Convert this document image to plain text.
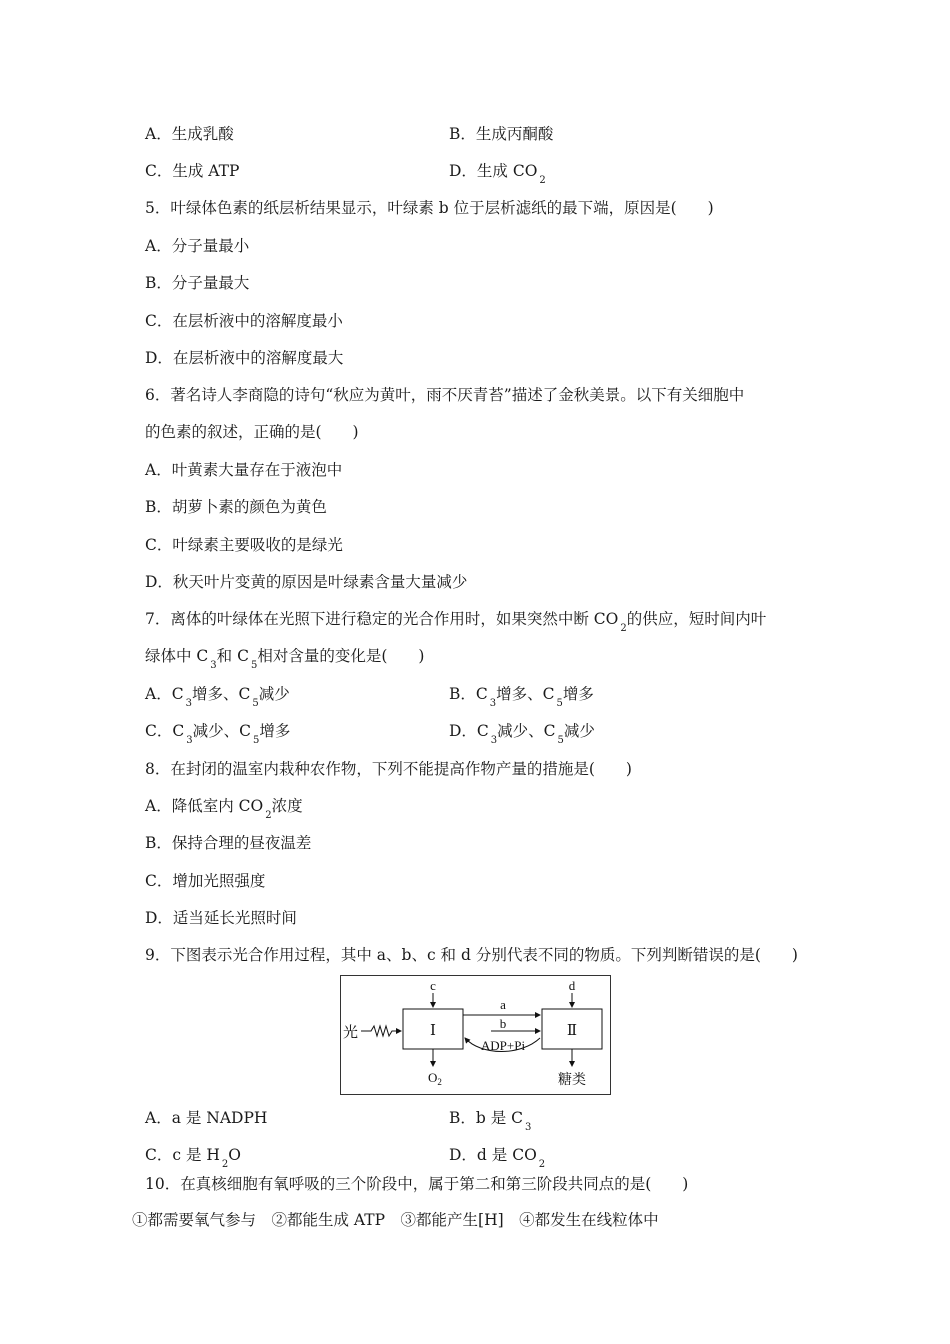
A．生成乳酸	B．生成丙酮酸
C．生成 ATP	D．生成 $CO_2$
5．叶绿体色素的纸层析结果显示，叶绿素 b 位于层析滤纸的最下端，原因是(　　)
A．分子量最小
B．分子量最大
C．在层析液中的溶解度最小
D．在层析液中的溶解度最大
6．著名诗人李商隐的诗句“秋应为黄叶，雨不厌青苔”描述了金秋美景。以下有关细胞中
的色素的叙述，正确的是(　　)
A．叶黄素大量存在于液泡中
B．胡萝卜素的颜色为黄色
C．叶绿素主要吸收的是绿光
D．秋天叶片变黄的原因是叶绿素含量大量减少
7．离体的叶绿体在光照下进行稳定的光合作用时，如果突然中断 $CO_2$的供应，短时间内叶
绿体中 $C_3$和 $C_5$相对含量的变化是(　　)
A．$C_3$增多、$C_5$减少	B．$C_3$增多、$C_5$增多
C．$C_3$减少、$C_5$增多	D．$C_3$减少、$C_5$减少
8．在封闭的温室内栽种农作物，下列不能提高作物产量的措施是(　　)
A．降低室内 $CO_2$浓度
B．保持合理的昼夜温差
C．增加光照强度
D．适当延长光照时间
9．下图表示光合作用过程，其中 a、b、c 和 d 分别代表不同的物质。下列判断错误的是(　　)
光	Ⅰ
c
$O_2$
Ⅱ
d
糖类
a
b
ADP+Pi
A．a 是 NADPH	B．b 是 $C_3$
C．c 是 $H_2O$	D．d 是 $CO_2$
10．在真核细胞有氧呼吸的三个阶段中，属于第二和第三阶段共同点的是(　　)
①都需要氧气参与　②都能生成 ATP　③都能产生[H]　④都发生在线粒体中
